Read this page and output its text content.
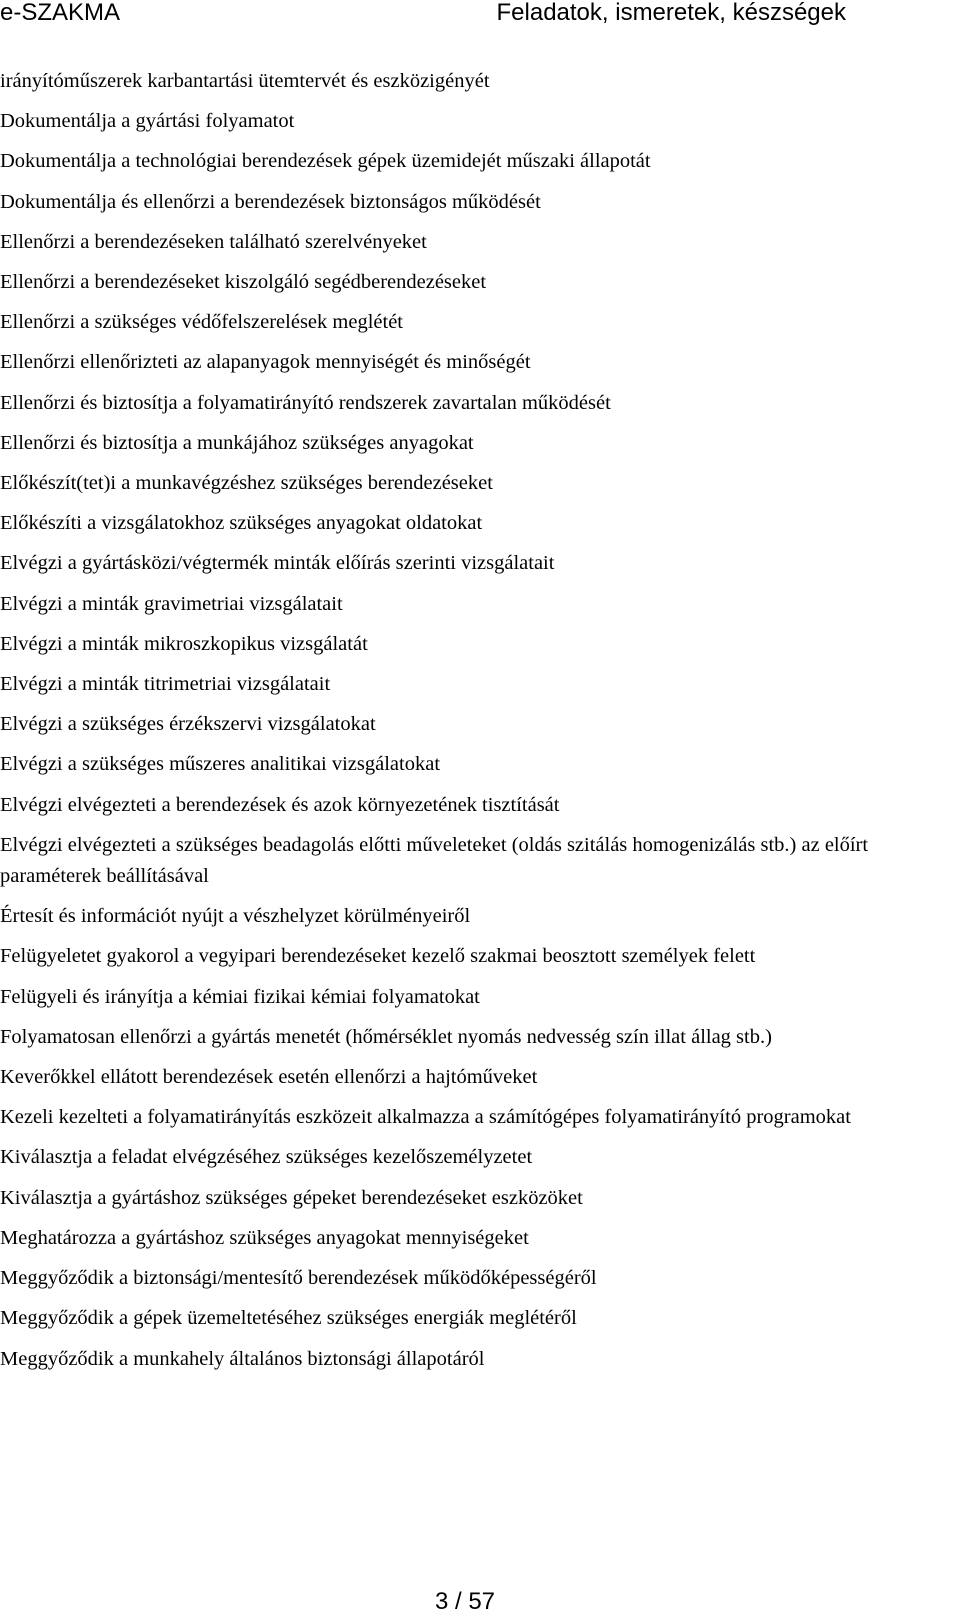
e-SZAKMA	Feladatok, ismeretek, készségek

irányítóműszerek karbantartási ütemtervét és eszközigényét

Dokumentálja a gyártási folyamatot

Dokumentálja a technológiai berendezések gépek üzemidejét műszaki állapotát

Dokumentálja és ellenőrzi a berendezések biztonságos működését

Ellenőrzi a berendezéseken található szerelvényeket

Ellenőrzi a berendezéseket kiszolgáló segédberendezéseket

Ellenőrzi a szükséges védőfelszerelések meglétét

Ellenőrzi ellenőrizteti az alapanyagok mennyiségét és minőségét

Ellenőrzi és biztosítja a folyamatirányító rendszerek zavartalan működését

Ellenőrzi és biztosítja a munkájához szükséges anyagokat

Előkészít(tet)i a munkavégzéshez szükséges berendezéseket

Előkészíti a vizsgálatokhoz szükséges anyagokat oldatokat

Elvégzi a gyártásközi/végtermék minták előírás szerinti vizsgálatait

Elvégzi a minták gravimetriai vizsgálatait

Elvégzi a minták mikroszkopikus vizsgálatát

Elvégzi a minták titrimetriai vizsgálatait

Elvégzi a szükséges érzékszervi vizsgálatokat

Elvégzi a szükséges műszeres analitikai vizsgálatokat

Elvégzi elvégezteti a berendezések és azok környezetének tisztítását

Elvégzi elvégezteti a szükséges beadagolás előtti műveleteket (oldás szitálás homogenizálás stb.) az előírt paraméterek beállításával

Értesít és információt nyújt a vészhelyzet körülményeiről

Felügyeletet gyakorol a vegyipari berendezéseket kezelő szakmai beosztott személyek felett

Felügyeli és irányítja a kémiai fizikai kémiai folyamatokat

Folyamatosan ellenőrzi a gyártás menetét (hőmérséklet nyomás nedvesség szín illat állag stb.)

Keverőkkel ellátott berendezések esetén ellenőrzi a hajtóműveket

Kezeli kezelteti a folyamatirányítás eszközeit alkalmazza a számítógépes folyamatirányító programokat

Kiválasztja a feladat elvégzéséhez szükséges kezelőszemélyzetet

Kiválasztja a gyártáshoz szükséges gépeket berendezéseket eszközöket

Meghatározza a gyártáshoz szükséges anyagokat mennyiségeket

Meggyőződik a biztonsági/mentesítő berendezések működőképességéről

Meggyőződik a gépek üzemeltetéséhez szükséges energiák meglétéről

Meggyőződik a munkahely általános biztonsági állapotáról

3 / 57
